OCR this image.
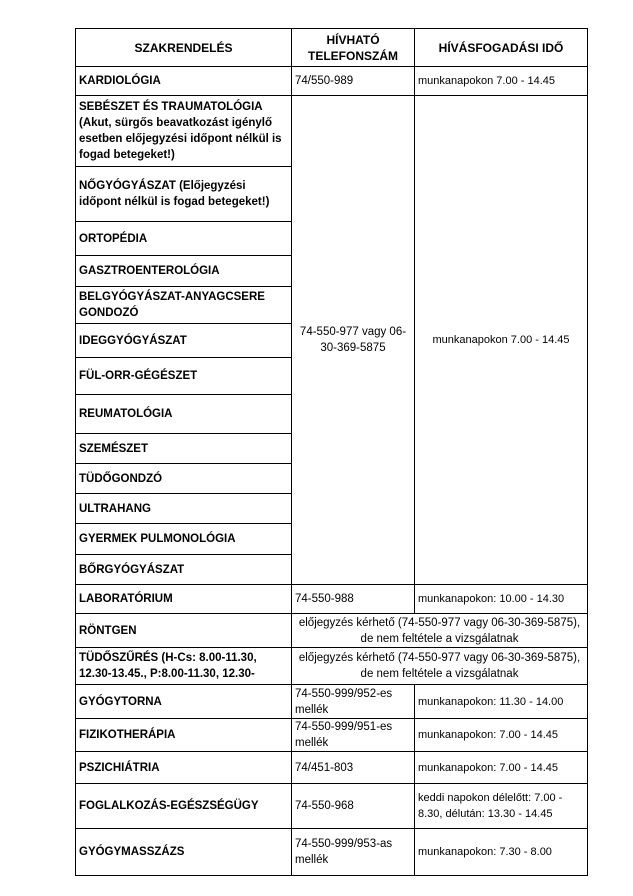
SZAKRENDELÉS	HÍVHATÓ TELEFONSZÁM	HÍVÁSFOGADÁSI IDŐ
KARDIOLÓGIA	74/550-989	munkanapokon 7.00 - 14.45
SEBÉSZET ÉS TRAUMATOLÓGIA (Akut, sürgős beavatkozást igénylő esetben előjegyzési időpont nélkül is fogad betegeket!)	74-550-977 vagy 06-30-369-5875	munkanapokon 7.00 - 14.45
NŐGYÓGYÁSZAT (Előjegyzési időpont nélkül is fogad betegeket!)		
ORTOPÉDIA		
GASZTROENTEROLÓGIA		
BELGYÓGYÁSZAT-ANYAGCSERE GONDOZÓ		
IDEGGYÓGYÁSZAT		
FÜL-ORR-GÉGÉSZET		
REUMATOLÓGIA		
SZEMÉSZET		
TÜDŐGONDZÓ		
ULTRAHANG		
GYERMEK PULMONOLÓGIA		
BŐRGYÓGYÁSZAT		
LABORATÓRIUM	74-550-988	munkanapokon: 10.00 - 14.30
RÖNTGEN	előjegyzés kérhető (74-550-977 vagy 06-30-369-5875), de nem feltétele a vizsgálatnak	

TÜDŐSZŰRÉS (H-Cs: 8.00-11.30, 12.30-13.45., P:8.00-11.30, 12.30-	előjegyzés kérhető (74-550-977 vagy 06-30-369-5875), de nem feltétele a vizsgálatnak	
GYÓGYTORNA	74-550-999/952-es mellék	munkanapokon: 11.30 - 14.00
FIZIKOTHERÁPIA	74-550-999/951-es mellék	munkanapokon: 7.00 - 14.45
PSZICHIÁTRIA	74/451-803	munkanapokon: 7.00 - 14.45
FOGLALKOZÁS-EGÉSZSÉGÜGY	74-550-968	keddi napokon délelőtt: 7.00 - 8.30, délután: 13.30 - 14.45
GYÓGYMASSZÁZS	74-550-999/953-as mellék	munkanapokon: 7.30 - 8.00
